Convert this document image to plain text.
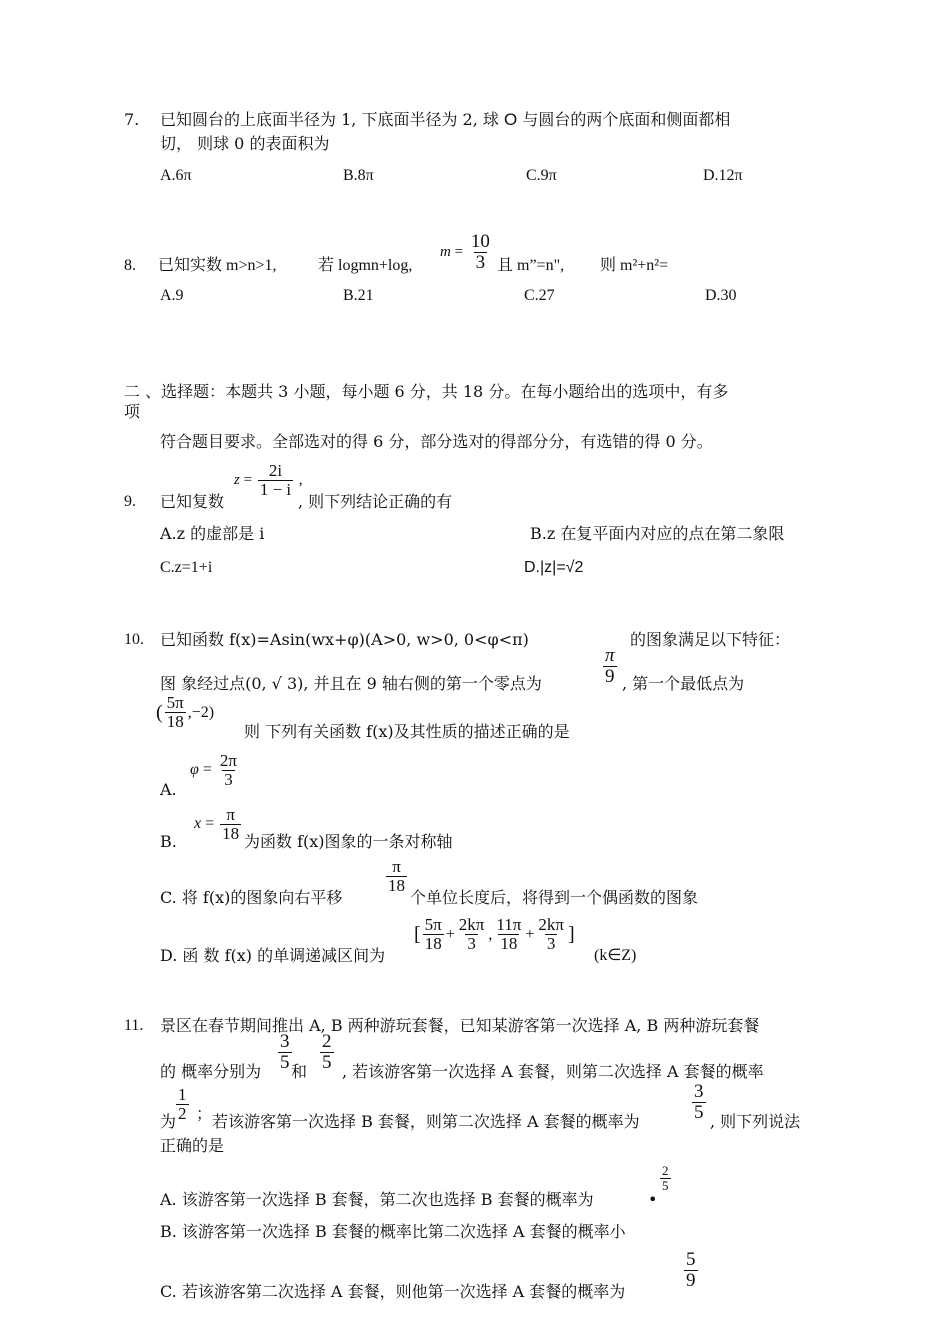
7. 已知圆台的上底面半径为 1, 下底面半径为 2, 球 O 与圆台的两个底面和侧面都相
切， 则球 0 的表面积为
A.6π	B.8π	C.9π	D.12π
8. 已知实数 m>n>1,	若 logmn+log,
$m = \frac{10}{3}$ 且 m”=n", 则 m²+n²=
A.9	B.21	C.27	D.30
二 、选择题：本题共 3 小题，每小题 6 分，共 18 分。在每小题给出的选项中，有多
项
符合题目要求。全部选对的得 6 分，部分选对的得部分分，有选错的得 0 分。
9. 已知复数
$z = \frac{2i}{1 - i}$ ,
, 则下列结论正确的有
A.z 的虚部是 i	B.z 在复平面内对应的点在第二象限
C.z=1+i	D.|z|=√2
10. 已知函数 f(x)=Asin(wx+φ)(A>0, w>0, 0<φ<π)	的图象满足以下特征：
图 象经过点(0, √ 3), 并且在 9 轴右侧的第一个零点为	$\frac{\pi}{9}$ , 第一个最低点为
( $\frac{5\pi}{18} ,-2$)
则 下列有关函数 f(x)及其性质的描述正确的是
A.
$\varphi = \frac{2\pi}{3}$
B.
$x = \frac{\pi}{18}$ 为函数 f(x)图象的一条对称轴
C. 将 f(x)的图象向右平移
$\frac{\pi}{18}$
个单位长度后，将得到一个偶函数的图象
D. 函 数 f(x) 的单调递减区间为
[ $\frac{5\pi}{18} + \frac{2k\pi}{3}$ , $\frac{11\pi}{18} + \frac{2k\pi}{3}$ ]
(k∈Z)
11. 景区在春节期间推出 A, B 两种游玩套餐，已知某游客第一次选择 A, B 两种游玩套餐
的 概率分别为 $\frac{3}{5}$ 和 $\frac{2}{5}$ , 若该游客第一次选择 A 套餐，则第二次选择 A 套餐的概率
为 $\frac{1}{2}$ ； 若该游客第一次选择 B 套餐，则第二次选择 A 套餐的概率为	$\frac{3}{5}$ , 则下列说法
正确的是
A. 该游客第一次选择 B 套餐，第二次也选择 B 套餐的概率为	•
$\frac{2}{5}$
B. 该游客第一次选择 B 套餐的概率比第二次选择 A 套餐的概率小
C. 若该游客第二次选择 A 套餐，则他第一次选择 A 套餐的概率为
$\frac{5}{9}$
